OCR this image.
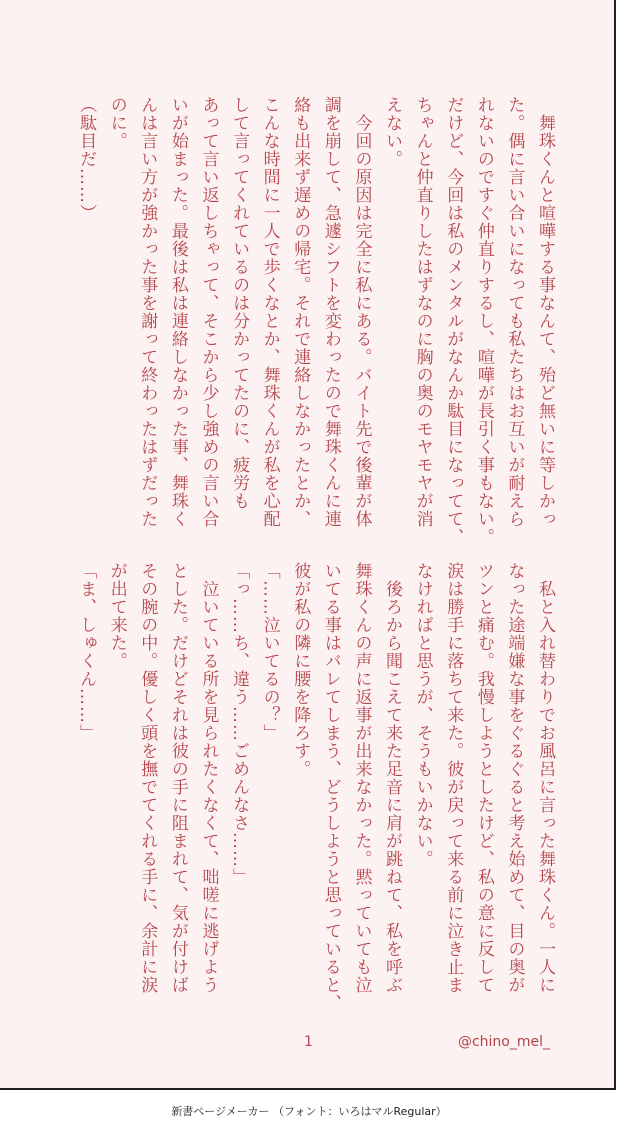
　舞珠くんと喧嘩する事なんて、殆ど無いに等しかっ
た。偶に言い合いになっても私たちはお互いが耐えら
れないのですぐ仲直りするし、喧嘩が長引く事もない。
だけど、今回は私のメンタルがなんか駄目になってて、
ちゃんと仲直りしたはずなのに胸の奥のモヤモヤが消
えない。
　今回の原因は完全に私にある。バイト先で後輩が体
調を崩して、急遽シフトを変わったので舞珠くんに連
絡も出来ず遅めの帰宅。それで連絡しなかったとか、
こんな時間に一人で歩くなとか、舞珠くんが私を心配
して言ってくれているのは分かってたのに、疲労も
あって言い返しちゃって、そこから少し強めの言い合
いが始まった。最後は私は連絡しなかった事、舞珠く
んは言い方が強かった事を謝って終わったはずだった
のに。
（駄目だ……）
　私と入れ替わりでお風呂に言った舞珠くん。一人に
なった途端嫌な事をぐるぐると考え始めて、目の奥が
ツンと痛む。我慢しようとしたけど、私の意に反して
涙は勝手に落ちて来た。彼が戻って来る前に泣き止ま
なければと思うが、そうもいかない。
　後ろから聞こえて来た足音に肩が跳ねて、私を呼ぶ
舞珠くんの声に返事が出来なかった。黙っていても泣
いてる事はバレてしまう、どうしようと思っていると、
彼が私の隣に腰を降ろす。
「……泣いてるの？」
「っ……ち、違う……ごめんなさ……」
　泣いている所を見られたくなくて、咄嗟に逃げよう
とした。だけどそれは彼の手に阻まれて、気が付けば
その腕の中。優しく頭を撫でてくれる手に、余計に涙
が出て来た。
「ま、しゅくん……」
1	@chino_mel_
新書ページメーカー （フォント：いろはマルRegular）
